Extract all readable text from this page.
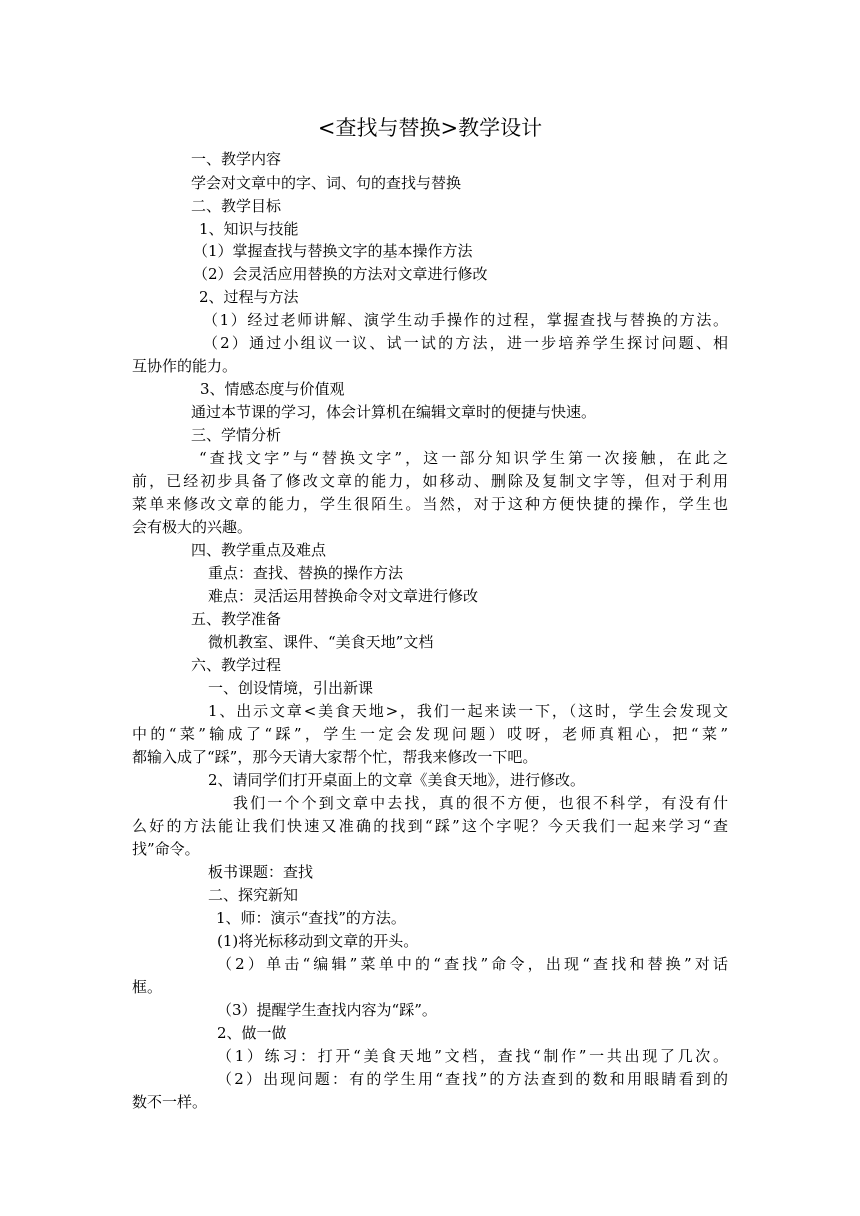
<查找与替换>教学设计
一、教学内容
学会对文章中的字、词、句的查找与替换
二、教学目标
1、知识与技能
（1）掌握查找与替换文字的基本操作方法
（2）会灵活应用替换的方法对文章进行修改
2、过程与方法
（1）经过老师讲解、演学生动手操作的过程，掌握查找与替换的方法。
（2）通过小组议一议、试一试的方法，进一步培养学生探讨问题、相
互协作的能力。
3、情感态度与价值观
通过本节课的学习，体会计算机在编辑文章时的便捷与快速。
三、学情分析
“查找文字”与“替换文字”，这一部分知识学生第一次接触，在此之
前，已经初步具备了修改文章的能力，如移动、删除及复制文字等，但对于利用
菜单来修改文章的能力，学生很陌生。当然，对于这种方便快捷的操作，学生也
会有极大的兴趣。
四、教学重点及难点
重点：查找、替换的操作方法
难点：灵活运用替换命令对文章进行修改
五、教学准备
微机教室、课件、“美食天地”文档
六、教学过程
一、创设情境，引出新课
1、出示文章<美食天地>，我们一起来读一下，（这时，学生会发现文
中的“菜”输成了“踩”，学生一定会发现问题）哎呀，老师真粗心，把“菜”
都输入成了“踩”，那今天请大家帮个忙，帮我来修改一下吧。
2、请同学们打开桌面上的文章《美食天地》，进行修改。
我们一个个到文章中去找，真的很不方便，也很不科学，有没有什
么好的方法能让我们快速又准确的找到“踩”这个字呢？今天我们一起来学习“查
找”命令。
板书课题：查找
二、探究新知
1、师：演示“查找”的方法。
(1)将光标移动到文章的开头。
（2）单击“编辑”菜单中的“查找”命令，出现“查找和替换”对话
框。
（3）提醒学生查找内容为“踩”。
2、做一做
（1）练习：打开“美食天地”文档，查找“制作”一共出现了几次。
（2）出现问题：有的学生用“查找”的方法查到的数和用眼睛看到的
数不一样。
